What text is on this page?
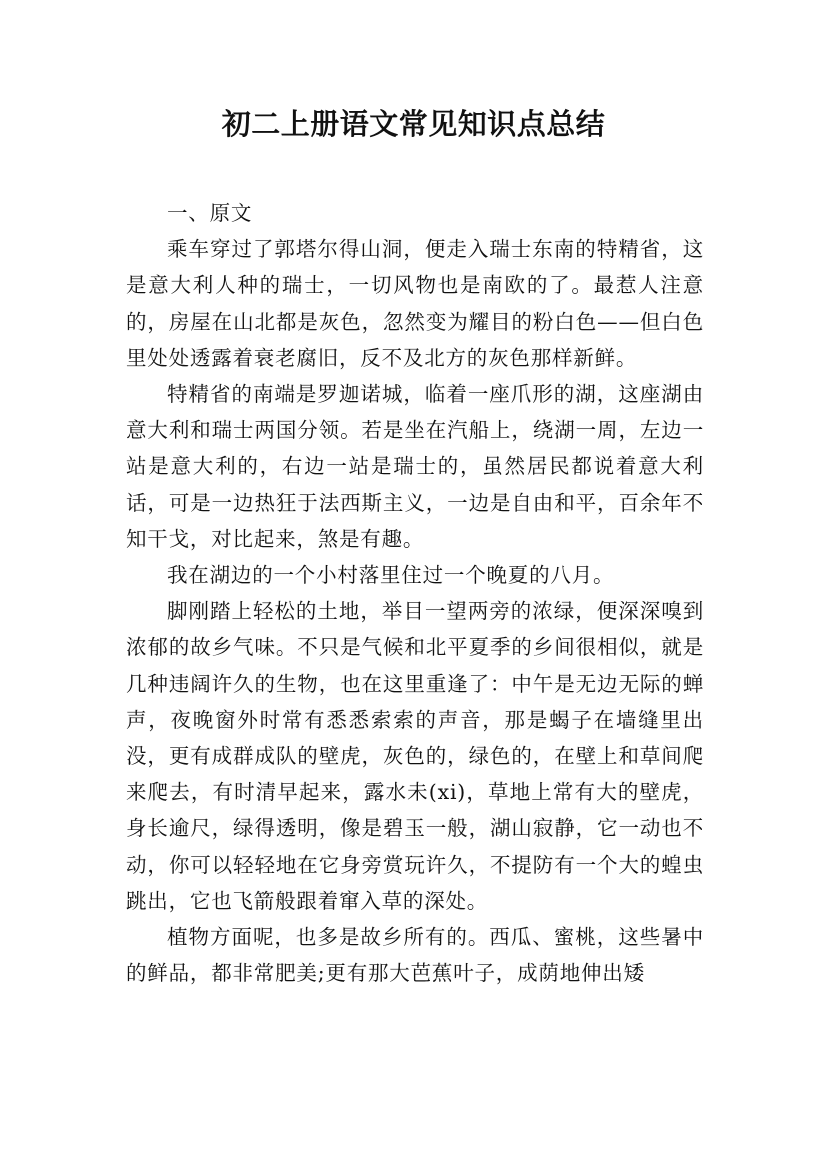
初二上册语文常见知识点总结

一、原文

乘车穿过了郭塔尔得山洞，便走入瑞士东南的特精省，这是意大利人种的瑞士，一切风物也是南欧的了。最惹人注意的，房屋在山北都是灰色，忽然变为耀目的粉白色——但白色里处处透露着衰老腐旧，反不及北方的灰色那样新鲜。

特精省的南端是罗迦诺城，临着一座爪形的湖，这座湖由意大利和瑞士两国分领。若是坐在汽船上，绕湖一周，左边一站是意大利的，右边一站是瑞士的，虽然居民都说着意大利话，可是一边热狂于法西斯主义，一边是自由和平，百余年不知干戈，对比起来，煞是有趣。

我在湖边的一个小村落里住过一个晚夏的八月。

脚刚踏上轻松的土地，举目一望两旁的浓绿，便深深嗅到浓郁的故乡气味。不只是气候和北平夏季的乡间很相似，就是几种违阔许久的生物，也在这里重逢了：中午是无边无际的蝉声，夜晚窗外时常有悉悉索索的声音，那是蝎子在墙缝里出没，更有成群成队的壁虎，灰色的，绿色的，在壁上和草间爬来爬去，有时清早起来，露水未(xi)，草地上常有大的壁虎，身长逾尺，绿得透明，像是碧玉一般，湖山寂静，它一动也不动，你可以轻轻地在它身旁赏玩许久，不提防有一个大的蝗虫跳出，它也飞箭般跟着窜入草的深处。

植物方面呢，也多是故乡所有的。西瓜、蜜桃，这些暑中的鲜品，都非常肥美;更有那大芭蕉叶子，成荫地伸出矮
